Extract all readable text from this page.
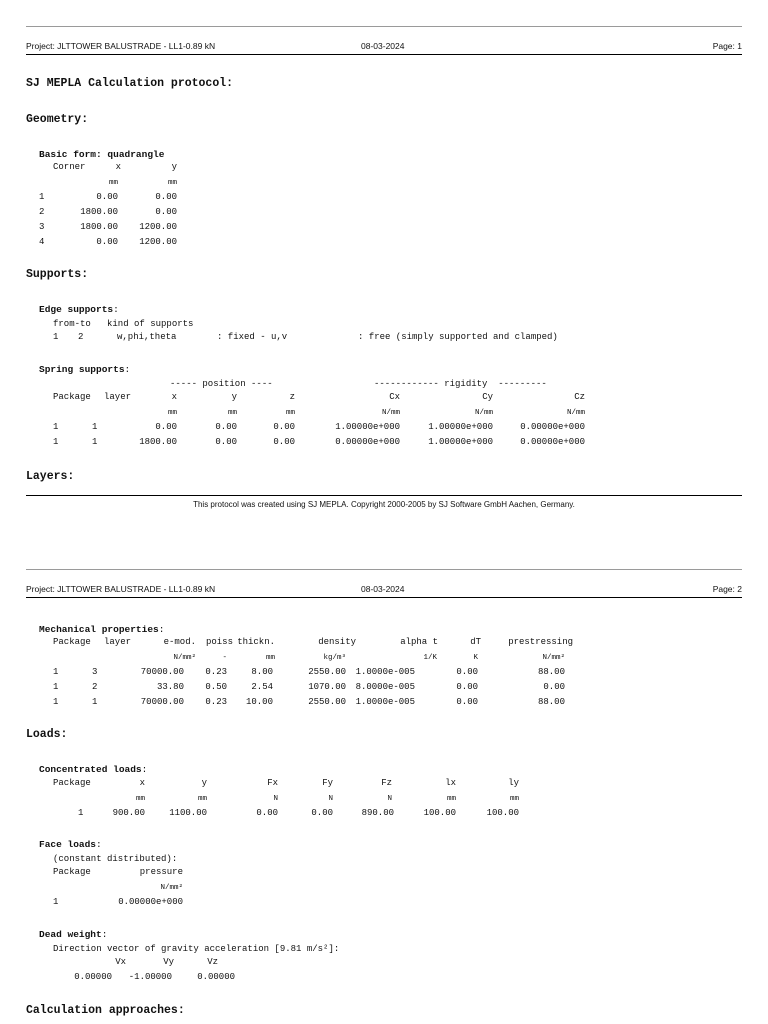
Project: JLTTOWER BALUSTRADE - LL1-0.89 kN	08-03-2024	Page: 1
SJ MEPLA Calculation protocol:
Geometry:
Basic form: quadrangle
Corner	x	y
mm	mm
1	0.00	0.00
2	1800.00	0.00
3	1800.00 1200.00
4	0.00 1200.00
Supports:
Edge supports:
from-to   kind of supports
1 2	w,phi,theta	: fixed - u,v	: free (simply supported and clamped)
Spring supports:
----- position ----	------------ rigidity  ---------
Package layer	x	y	z	Cx	Cy	Cz
mm	mm	mm	N/mm	N/mm	N/mm
1	1	0.00	0.00	0.00	1.00000e+000	1.00000e+000	0.00000e+000
1	1	1800.00	0.00	0.00	0.00000e+000	1.00000e+000	0.00000e+000
Layers:
This protocol was created using SJ MEPLA. Copyright 2000-2005 by SJ Software GmbH Aachen, Germany.
Project: JLTTOWER BALUSTRADE - LL1-0.89 kN	08-03-2024	Page: 2
Mechanical properties:
Package layer	e-mod. poiss thickn.	density	alpha t	dT	prestressing
N/mm²	-	mm	kg/m³	1/K	K	N/mm²
1	3	70000.00 0.23	8.00	2550.00 1.0000e-005	0.00	88.00
1	2	33.80 0.50	2.54	1070.00 8.0000e-005	0.00	0.00
1	1	70000.00 0.23 10.00	2550.00 1.0000e-005	0.00	88.00
Loads:
Concentrated loads:
Package	x	y	Fx	Fy	Fz	lx	ly
mm	mm	N	N	N	mm	mm
1	900.00	1100.00	0.00	0.00	890.00	100.00	100.00
Face loads:
(constant distributed):
Package	pressure
N/mm²
1	0.00000e+000
Dead weight:
Direction vector of gravity acceleration [9.81 m/s²]:
Vx	Vy	Vz
0.00000 -1.00000	0.00000
Calculation approaches:
